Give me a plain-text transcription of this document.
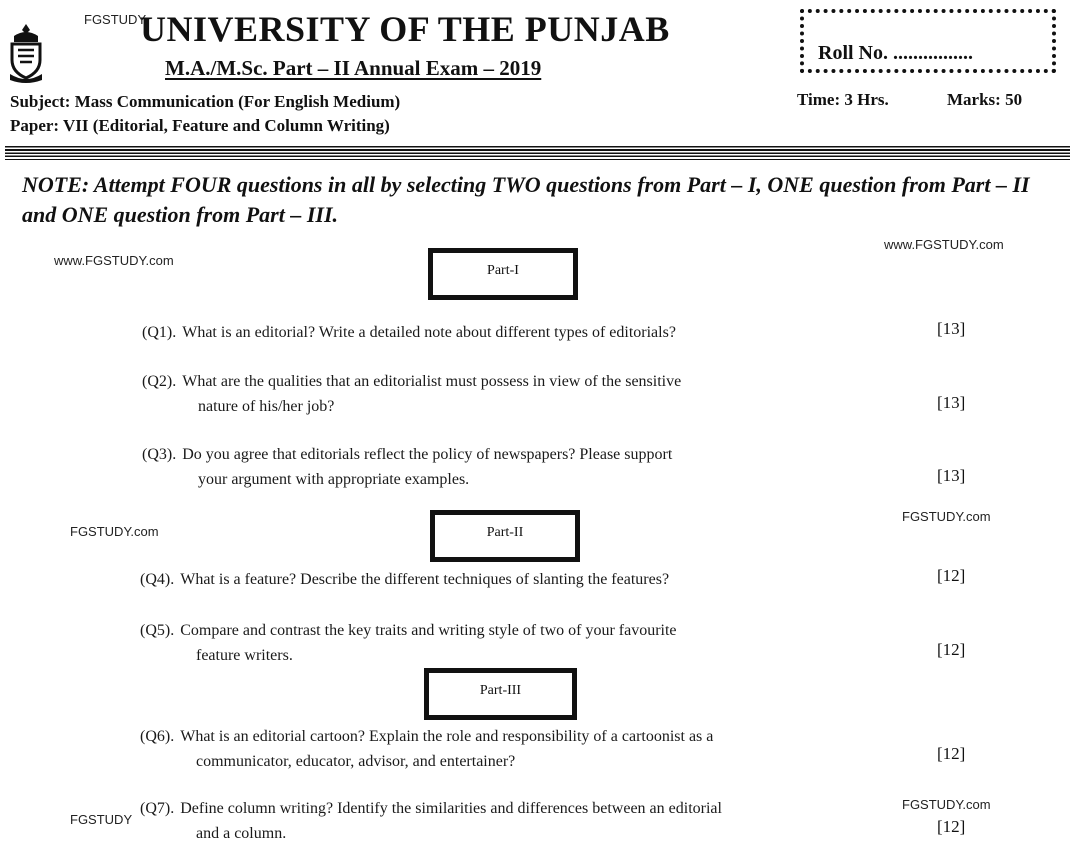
FGSTUDY
UNIVERSITY OF THE PUNJAB
M.A./M.Sc. Part – II Annual Exam – 2019
Subject: Mass Communication (For English Medium)
Paper: VII (Editorial, Feature and Column Writing)
Time: 3 Hrs.	Marks: 50
Roll No. ................
NOTE: Attempt FOUR questions in all by selecting TWO questions from Part – I, ONE question from Part – II and ONE question from Part – III.
www.FGSTUDY.com
www.FGSTUDY.com
FGSTUDY.com
FGSTUDY.com
FGSTUDY
FGSTUDY.com
Part-I
Part-II
Part-III
(Q1). What is an editorial? Write a detailed note about different types of editorials?	[13]
(Q2). What are the qualities that an editorialist must possess in view of the sensitive
nature of his/her job?	[13]
(Q3). Do you agree that editorials reflect the policy of newspapers? Please support
your argument with appropriate examples.	[13]
(Q4). What is a feature? Describe the different techniques of slanting the features?	[12]
(Q5). Compare and contrast the key traits and writing style of two of your favourite
feature writers.	[12]
(Q6). What is an editorial cartoon? Explain the role and responsibility of a cartoonist as a
communicator, educator, advisor, and entertainer?	[12]
(Q7). Define column writing? Identify the similarities and differences between an editorial
and a column.	[12]
